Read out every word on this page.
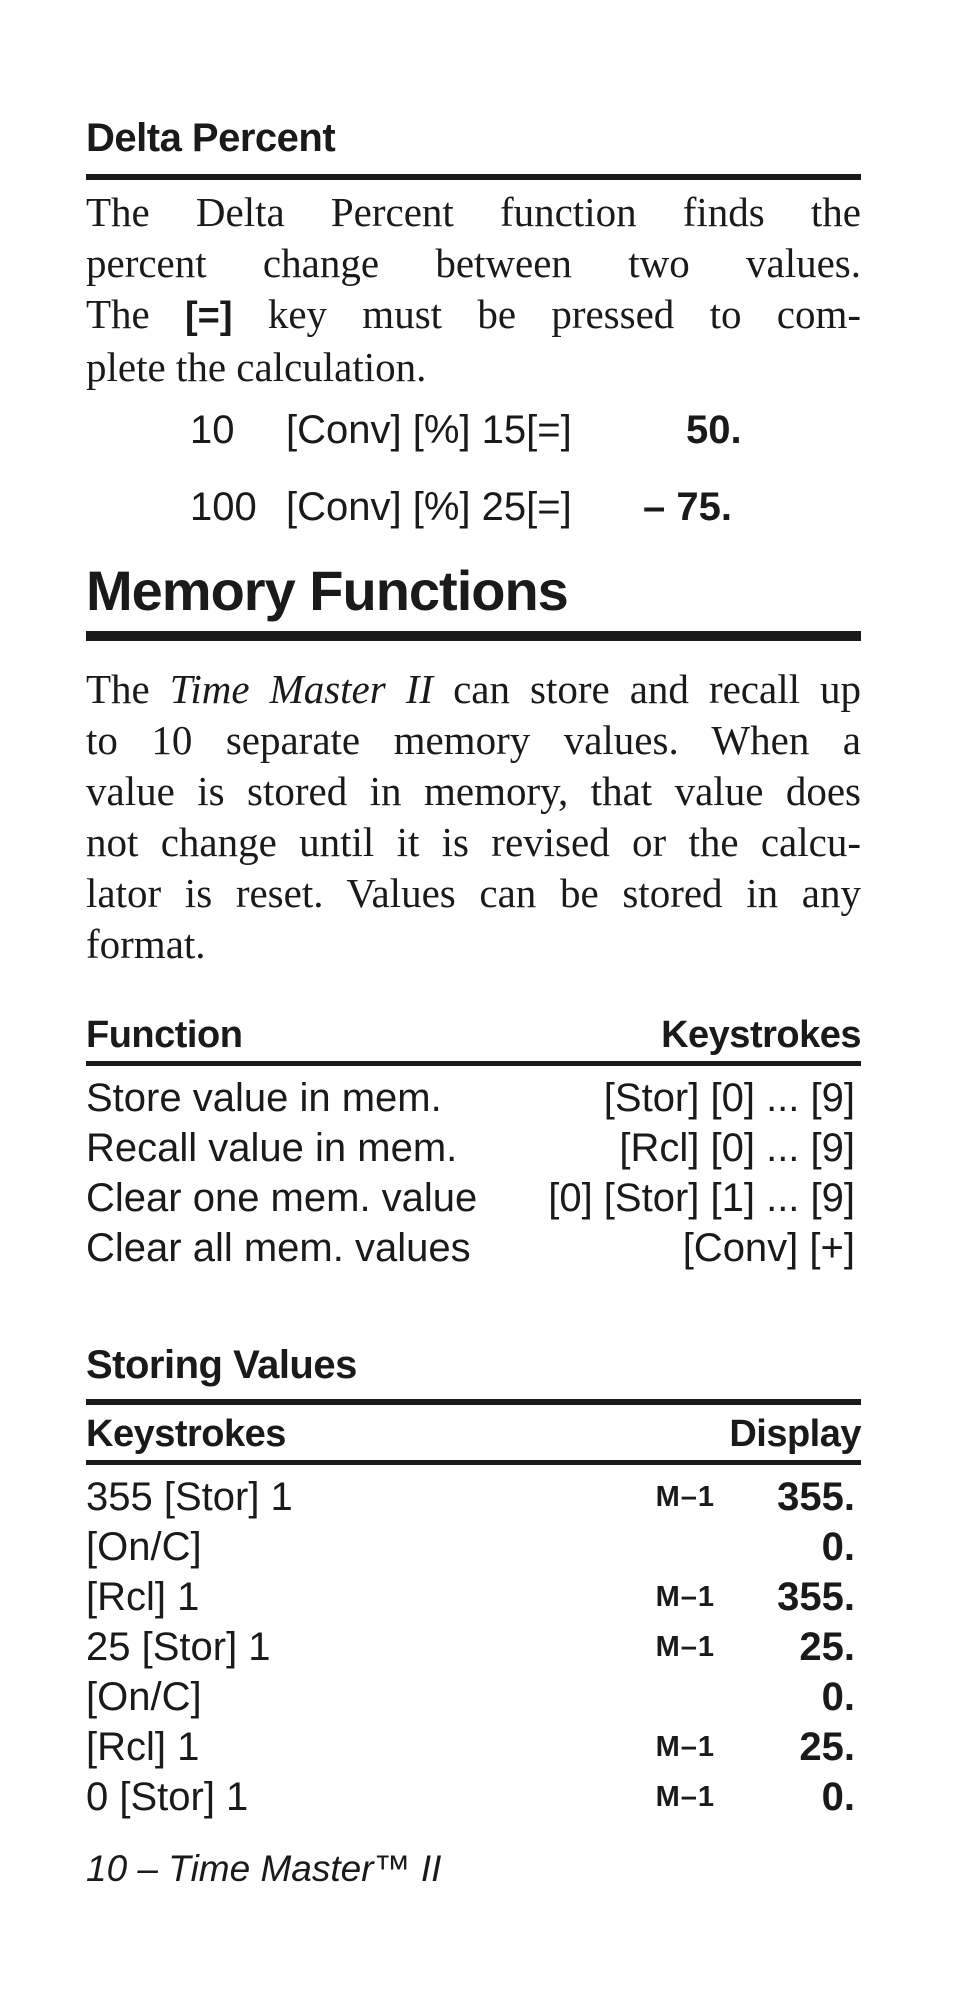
Delta Percent
The Delta Percent function finds the
percent change between two values.
The [=] key must be pressed to com-
plete the calculation.
10 [Conv] [%] 15[=]	50.
100 [Conv] [%] 25[=] – 75.
Memory Functions
The Time Master II can store and recall up
to 10 separate memory values. When a
value is stored in memory, that value does
not change until it is revised or the calcu-
lator is reset. Values can be stored in any
format.
Function	Keystrokes
Store value in mem.	[Stor] [0] ... [9]
Recall value in mem.	[Rcl] [0] ... [9]
Clear one mem. value [0] [Stor] [1] ... [9]
Clear all mem. values	[Conv] [+]
Storing Values
Keystrokes	Display
355 [Stor] 1	M–1 355.
[On/C]	0.
[Rcl] 1	M–1 355.
25 [Stor] 1	M–1 25.
[On/C]	0.
[Rcl] 1	M–1 25.
0 [Stor] 1	M–1	0.
10 – Time Master™ II
